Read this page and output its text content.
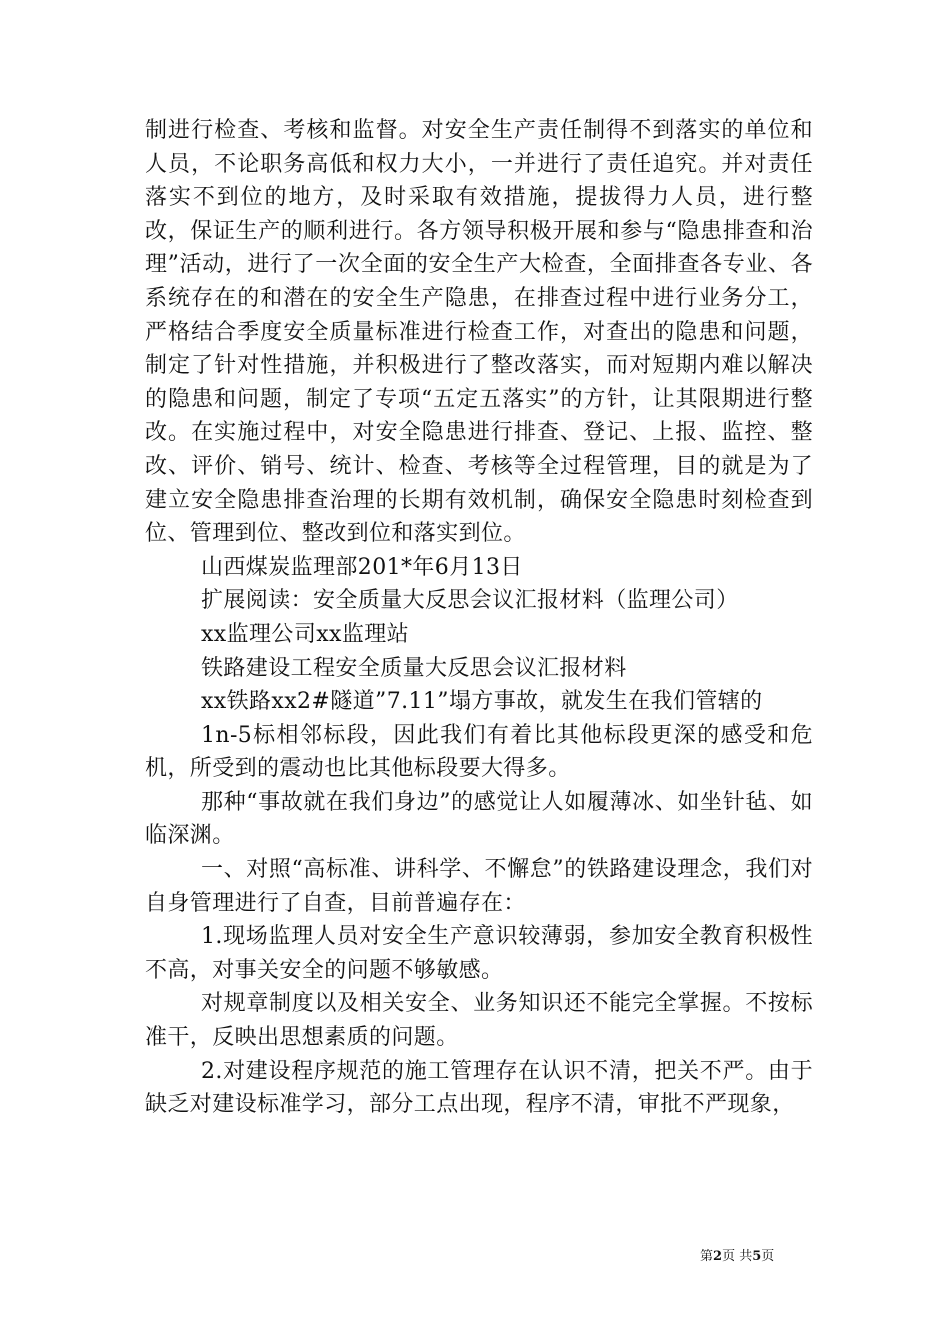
制进行检查、考核和监督。对安全生产责任制得不到落实的单位和人员，不论职务高低和权力大小，一并进行了责任追究。并对责任落实不到位的地方，及时采取有效措施，提拔得力人员，进行整改，保证生产的顺利进行。各方领导积极开展和参与“隐患排查和治理”活动，进行了一次全面的安全生产大检查，全面排查各专业、各系统存在的和潜在的安全生产隐患，在排查过程中进行业务分工，严格结合季度安全质量标准进行检查工作，对查出的隐患和问题，制定了针对性措施，并积极进行了整改落实，而对短期内难以解决的隐患和问题，制定了专项“五定五落实”的方针，让其限期进行整改。在实施过程中，对安全隐患进行排查、登记、上报、监控、整改、评价、销号、统计、检查、考核等全过程管理，目的就是为了建立安全隐患排查治理的长期有效机制，确保安全隐患时刻检查到位、管理到位、整改到位和落实到位。

山西煤炭监理部201*年6月13日

扩展阅读：安全质量大反思会议汇报材料（监理公司）

xx监理公司xx监理站

铁路建设工程安全质量大反思会议汇报材料

xx铁路xx2#隧道”7.11”塌方事故，就发生在我们管辖的

1n-5标相邻标段，因此我们有着比其他标段更深的感受和危机，所受到的震动也比其他标段要大得多。

那种“事故就在我们身边”的感觉让人如履薄冰、如坐针毡、如临深渊。

一、对照“高标准、讲科学、不懈怠”的铁路建设理念，我们对自身管理进行了自查，目前普遍存在：

1.现场监理人员对安全生产意识较薄弱，参加安全教育积极性不高，对事关安全的问题不够敏感。

对规章制度以及相关安全、业务知识还不能完全掌握。不按标准干，反映出思想素质的问题。

2.对建设程序规范的施工管理存在认识不清，把关不严。由于缺乏对建设标准学习，部分工点出现，程序不清，审批不严现象，

第2页 共5页
